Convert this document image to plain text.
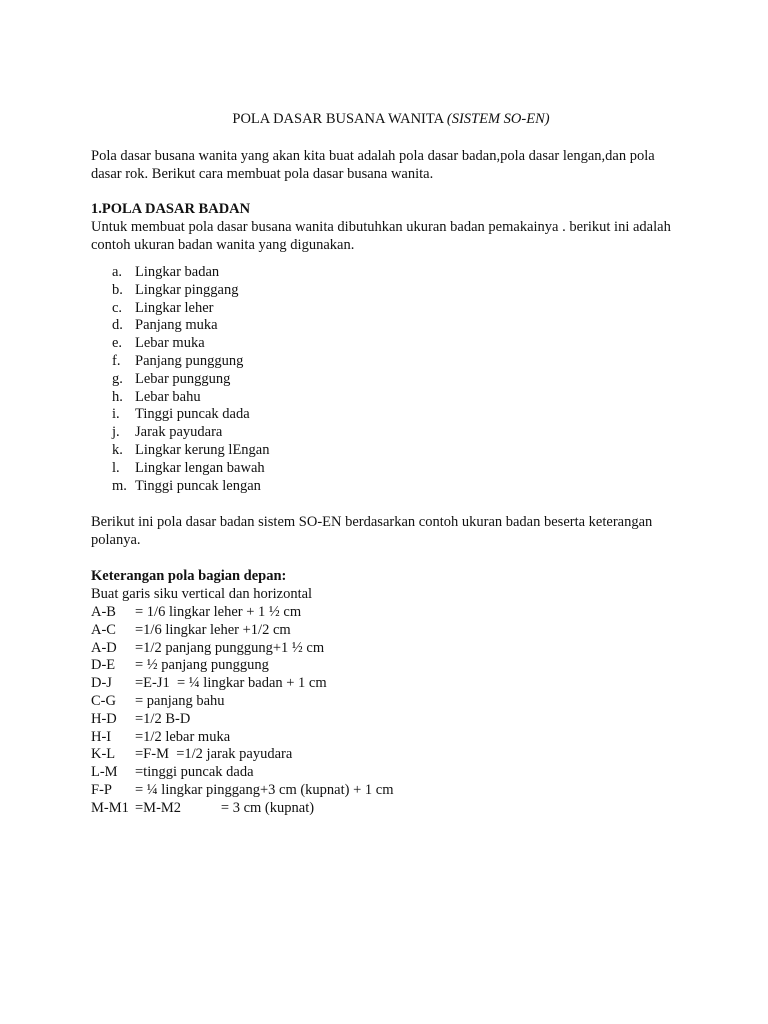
POLA DASAR BUSANA WANITA (SISTEM SO-EN)

Pola dasar busana wanita yang akan kita buat adalah pola dasar badan,pola dasar lengan,dan pola dasar rok. Berikut cara membuat pola dasar busana wanita.

1.POLA DASAR BADAN

Untuk membuat pola dasar busana wanita dibutuhkan ukuran badan pemakainya . berikut ini adalah contoh ukuran badan wanita yang digunakan.

a. Lingkar badan
b. Lingkar pinggang
c. Lingkar leher
d. Panjang muka
e. Lebar muka
f.	Panjang punggung
g. Lebar punggung
h. Lebar bahu
i.	Tinggi puncak dada
j.	Jarak payudara
k. Lingkar kerung lEngan
l.	Lingkar lengan bawah
m. Tinggi puncak lengan

Berikut ini pola dasar badan sistem SO-EN berdasarkan contoh ukuran badan beserta keterangan polanya.

Keterangan pola bagian depan:
Buat garis siku vertical dan horizontal
A-B	= 1/6 lingkar leher + 1 ½ cm
A-C	=1/6 lingkar leher +1/2 cm
A-D	=1/2 panjang punggung+1 ½ cm
D-E	= ½ panjang punggung
D-J	=E-J1  = ¼ lingkar badan + 1 cm
C-G	= panjang bahu
H-D	=1/2 B-D
H-I	=1/2 lebar muka
K-L	=F-M  =1/2 jarak payudara
L-M	=tinggi puncak dada
F-P	= ¼ lingkar pinggang+3 cm (kupnat) + 1 cm
M-M1 =M-M2           = 3 cm (kupnat)
